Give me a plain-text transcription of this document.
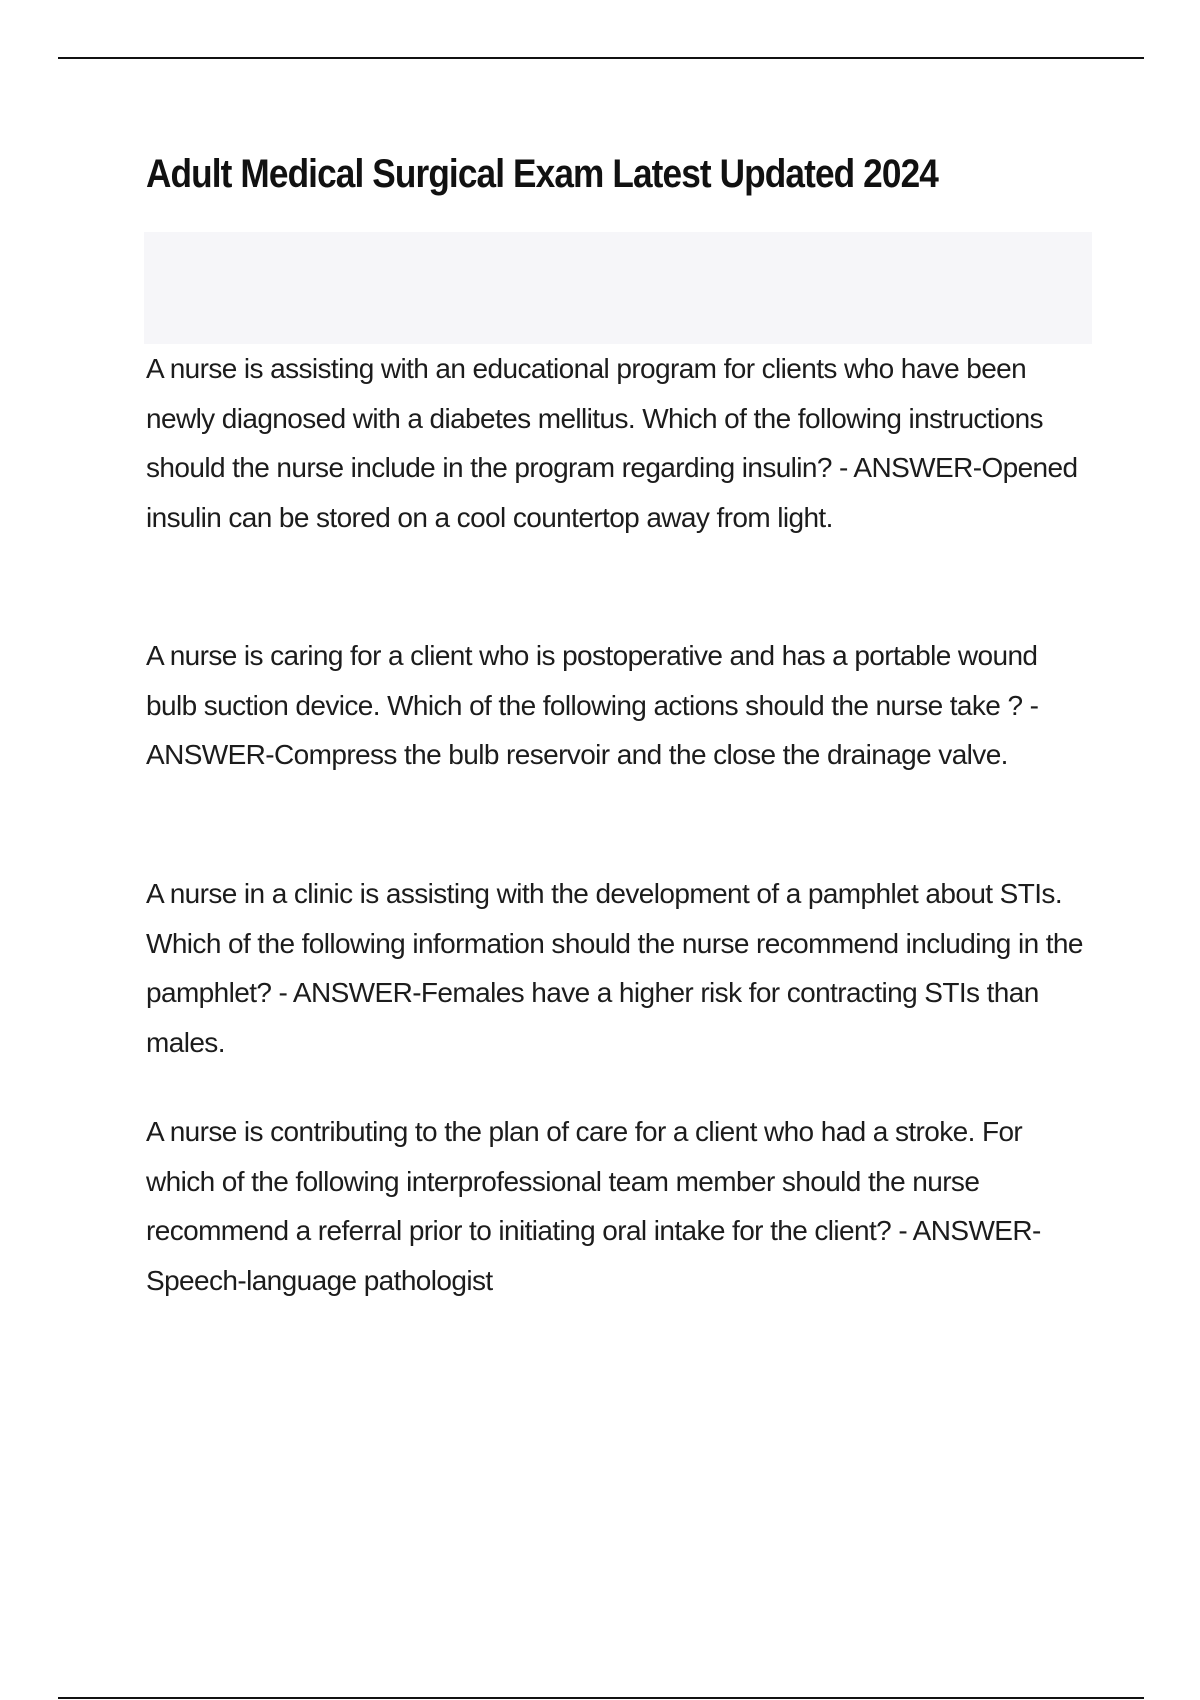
Adult Medical Surgical Exam Latest Updated 2024

A nurse is assisting with an educational program for clients who have been newly diagnosed with a diabetes mellitus. Which of the following instructions should the nurse include in the program regarding insulin? - ANSWER-Opened insulin can be stored on a cool countertop away from light.

A nurse is caring for a client who is postoperative and has a portable wound bulb suction device. Which of the following actions should the nurse take ? - ANSWER-Compress the bulb reservoir and the close the drainage valve.

A nurse in a clinic is assisting with the development of a pamphlet about STIs. Which of the following information should the nurse recommend including in the pamphlet? - ANSWER-Females have a higher risk for contracting STIs than males.

A nurse is contributing to the plan of care for a client who had a stroke. For which of the following interprofessional team member should the nurse recommend a referral prior to initiating oral intake for the client? - ANSWER-Speech-language pathologist
